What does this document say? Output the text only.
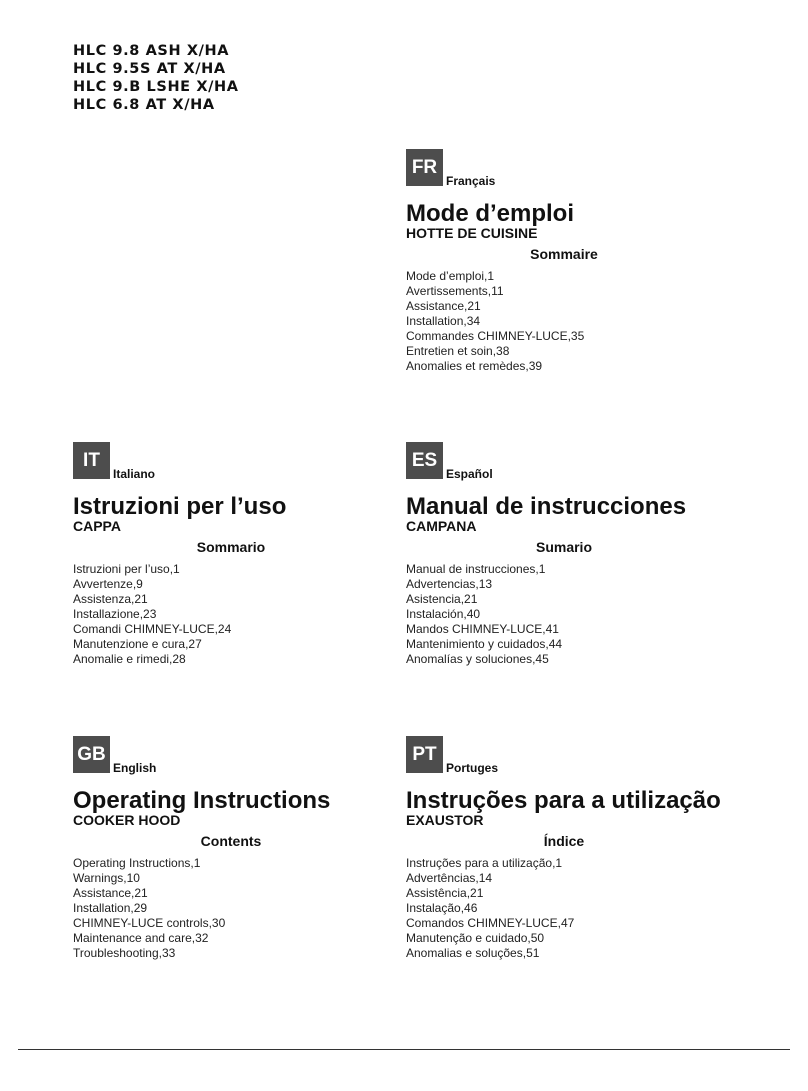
HLC 9.8 ASH X/HA
HLC 9.5S AT X/HA
HLC 9.B LSHE X/HA
HLC 6.8 AT X/HA
FR
Français
Mode d’emploi
HOTTE DE CUISINE
Sommaire
Mode d’emploi,1
Avertissements,11
Assistance,21
Installation,34
Commandes CHIMNEY-LUCE,35
Entretien et soin,38
Anomalies et remèdes,39
IT
Italiano
Istruzioni per l’uso
CAPPA
Sommario
Istruzioni per l’uso,1
Avvertenze,9
Assistenza,21
Installazione,23
Comandi CHIMNEY-LUCE,24
Manutenzione e cura,27
Anomalie e rimedi,28
ES
Español
Manual de instrucciones
CAMPANA
Sumario
Manual de instrucciones,1
Advertencias,13
Asistencia,21
Instalación,40
Mandos CHIMNEY-LUCE,41
Mantenimiento y cuidados,44
Anomalías y soluciones,45
GB
English
Operating Instructions
COOKER HOOD
Contents
Operating Instructions,1
Warnings,10
Assistance,21
Installation,29
CHIMNEY-LUCE controls,30
Maintenance and care,32
Troubleshooting,33
PT
Portuges
Instruções para a utilização
EXAUSTOR
Índice
Instruções para a utilização,1
Advertências,14
Assistência,21
Instalação,46
Comandos CHIMNEY-LUCE,47
Manutenção e cuidado,50
Anomalias e soluções,51
